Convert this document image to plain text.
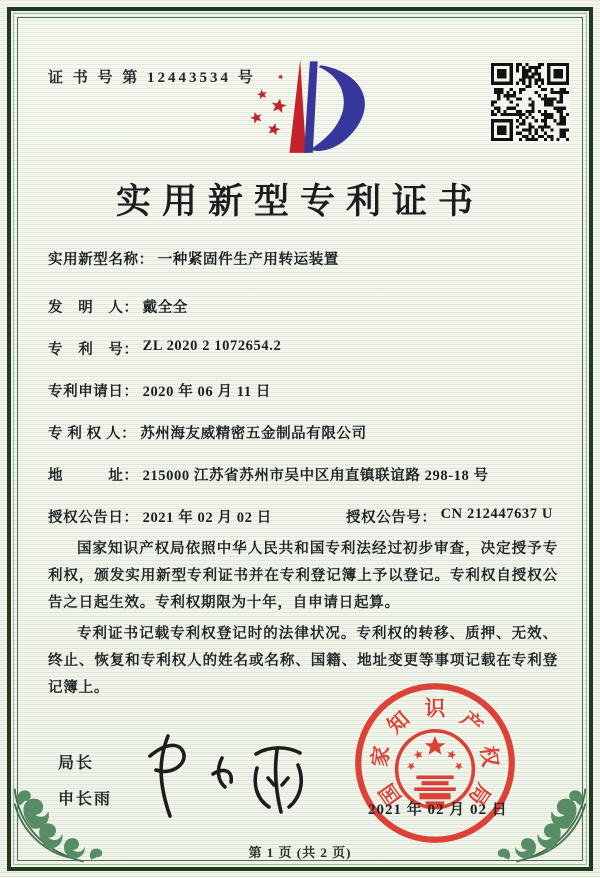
证 书 号 第 12443534 号
实用新型专利证书
实用新型名称： 一种紧固件生产用转运装置
发　明　人： 戴全全
专　利　号： ZL 2020 2 1072654.2
专利申请日： 2020 年 06 月 11 日
专 利 权 人： 苏州海友威精密五金制品有限公司
地　　　址： 215000 江苏省苏州市吴中区甪直镇联谊路 298-18 号
授权公告日： 2021 年 02 月 02 日	授权公告号： CN 212447637 U

国家知识产权局依照中华人民共和国专利法经过初步审查，决定授予专利权，颁发实用新型专利证书并在专利登记簿上予以登记。专利权自授权公告之日起生效。专利权期限为十年，自申请日起算。

专利证书记载专利权登记时的法律状况。专利权的转移、质押、无效、终止、恢复和专利权人的姓名或名称、国籍、地址变更等事项记载在专利登记簿上。

局长
申长雨	国
家
知 识 产
权
局
2021 年 02 月 02 日
第 1 页 (共 2 页)
